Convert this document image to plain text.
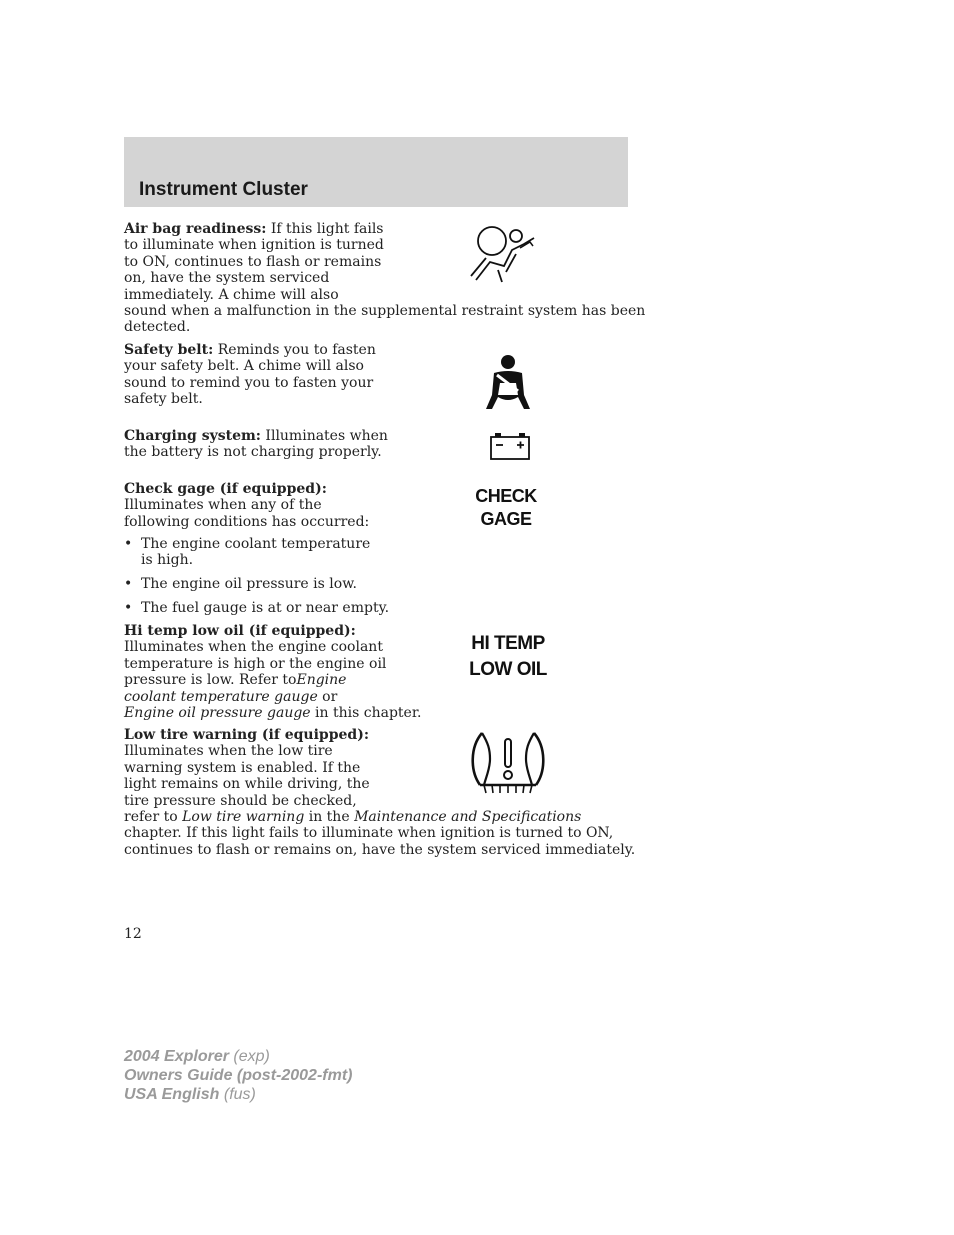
Instrument Cluster
Air bag readiness: If this light fails
to illuminate when ignition is turned
to ON, continues to flash or remains
on, have the system serviced
immediately. A chime will also
sound when a malfunction in the supplemental restraint system has been
detected.
Safety belt: Reminds you to fasten
your safety belt. A chime will also
sound to remind you to fasten your
safety belt.
Charging system: Illuminates when
the battery is not charging properly.
Check gage (if equipped):
Illuminates when any of the
following conditions has occurred:
• The engine coolant temperature
is high.
• The engine oil pressure is low.
• The fuel gauge is at or near empty.
CHECK
GAGE
Hi temp low oil (if equipped):
Illuminates when the engine coolant
temperature is high or the engine oil
pressure is low. Refer toEngine
coolant temperature gauge or
Engine oil pressure gauge in this chapter.
HI TEMP
LOW OIL
Low tire warning (if equipped):
Illuminates when the low tire
warning system is enabled. If the
light remains on while driving, the
tire pressure should be checked,
refer to Low tire warning in the Maintenance and Specifications
chapter. If this light fails to illuminate when ignition is turned to ON,
continues to flash or remains on, have the system serviced immediately.
12
2004 Explorer (exp)
Owners Guide (post-2002-fmt)
USA English (fus)
